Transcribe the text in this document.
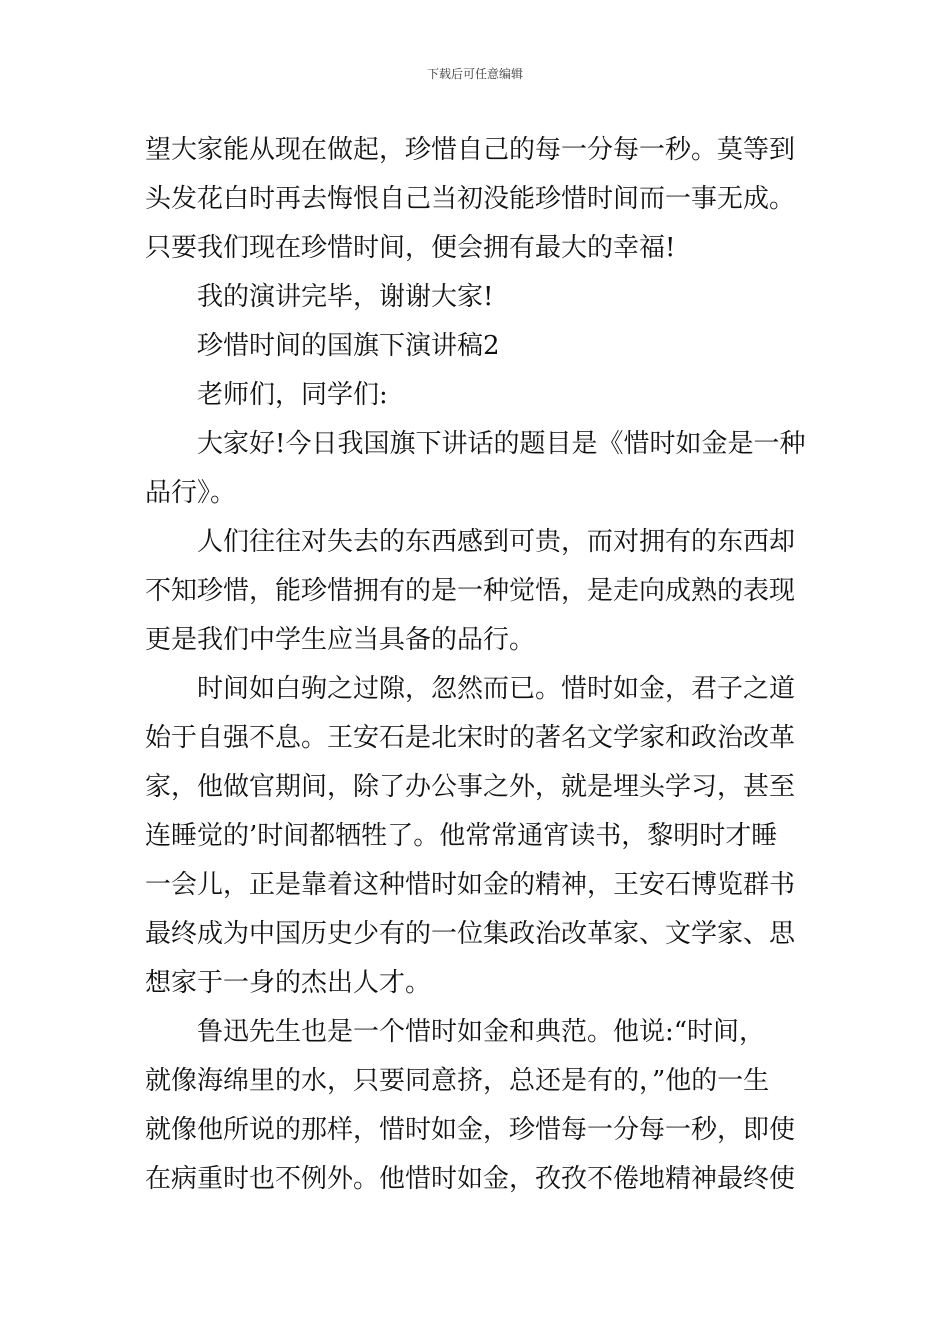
下载后可任意编辑
望大家能从现在做起，珍惜自己的每一分每一秒。莫等到
头发花白时再去悔恨自己当初没能珍惜时间而一事无成。
只要我们现在珍惜时间，便会拥有最大的幸福!
我的演讲完毕，谢谢大家!
珍惜时间的国旗下演讲稿2
老师们，同学们:
大家好!今日我国旗下讲话的题目是《惜时如金是一种
品行》。
人们往往对失去的东西感到可贵，而对拥有的东西却
不知珍惜，能珍惜拥有的是一种觉悟，是走向成熟的表现
更是我们中学生应当具备的品行。
时间如白驹之过隙，忽然而已。惜时如金，君子之道
始于自强不息。王安石是北宋时的著名文学家和政治改革
家，他做官期间，除了办公事之外，就是埋头学习，甚至
连睡觉的’时间都牺牲了。他常常通宵读书，黎明时才睡
一会儿，正是靠着这种惜时如金的精神，王安石博览群书
最终成为中国历史少有的一位集政治改革家、文学家、思
想家于一身的杰出人才。
鲁迅先生也是一个惜时如金和典范。他说:“时间，
就像海绵里的水，只要同意挤，总还是有的，”他的一生
就像他所说的那样，惜时如金，珍惜每一分每一秒，即使
在病重时也不例外。他惜时如金，孜孜不倦地精神最终使
